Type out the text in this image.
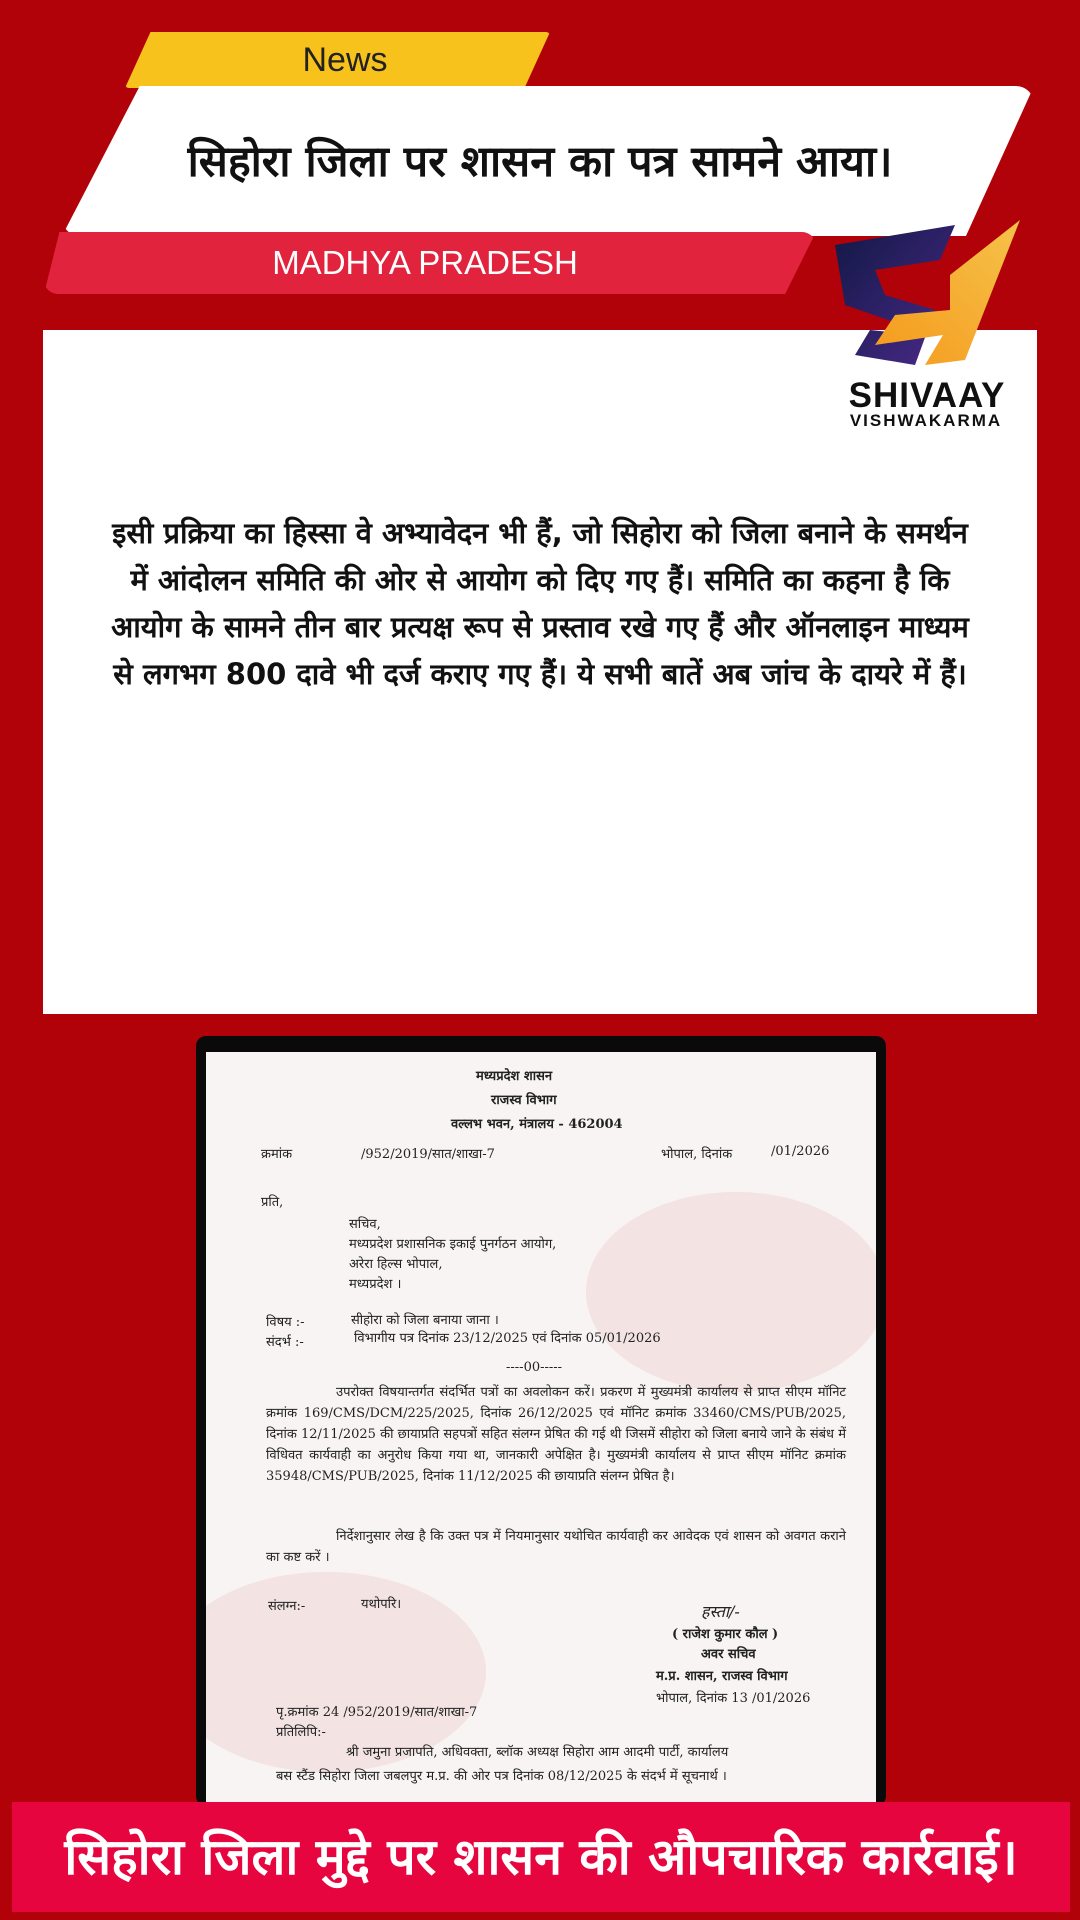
News
सिहोरा जिला पर शासन का पत्र सामने आया।
MADHYA PRADESH
इसी प्रक्रिया का हिस्सा वे अभ्यावेदन भी हैं, जो सिहोरा को जिला बनाने के समर्थन में आंदोलन समिति की ओर से आयोग को दिए गए हैं। समिति का कहना है कि आयोग के सामने तीन बार प्रत्यक्ष रूप से प्रस्ताव रखे गए हैं और ऑनलाइन माध्यम से लगभग 800 दावे भी दर्ज कराए गए हैं। ये सभी बातें अब जांच के दायरे में हैं।
SHIVAAY
VISHWAKARMA
मध्यप्रदेश शासन
राजस्व विभाग
वल्लभ भवन, मंत्रालय - 462004
क्रमांक	/952/2019/सात/शाखा-7	भोपाल, दिनांक	/01/2026
प्रति,
सचिव,
मध्यप्रदेश प्रशासनिक इकाई पुनर्गठन आयोग,
अरेरा हिल्स भोपाल,
मध्यप्रदेश ।
विषय :-	सीहोरा को जिला बनाया जाना ।
संदर्भ :-	विभागीय पत्र दिनांक 23/12/2025 एवं दिनांक 05/01/2026
----00-----
उपरोक्त विषयान्तर्गत संदर्भित पत्रों का अवलोकन करें। प्रकरण में मुख्यमंत्री कार्यालय से प्राप्त सीएम मॉनिट क्रमांक 169/CMS/DCM/225/2025, दिनांक 26/12/2025 एवं मॉनिट क्रमांक 33460/CMS/PUB/2025, दिनांक 12/11/2025 की छायाप्रति सहपत्रों सहित संलग्न प्रेषित की गई थी जिसमें सीहोरा को जिला बनाये जाने के संबंध में विधिवत कार्यवाही का अनुरोध किया गया था, जानकारी अपेक्षित है। मुख्यमंत्री कार्यालय से प्राप्त सीएम मॉनिट क्रमांक 35948/CMS/PUB/2025, दिनांक 11/12/2025 की छायाप्रति संलग्न प्रेषित है।
निर्देशानुसार लेख है कि उक्त पत्र में नियमानुसार यथोचित कार्यवाही कर आवेदक एवं शासन को अवगत कराने का कष्ट करें ।
संलग्न:-	यथोपरि।	हस्ता/-
( राजेश कुमार कौल )
अवर सचिव
म.प्र. शासन, राजस्व विभाग
भोपाल, दिनांक 13 /01/2026
पृ.क्रमांक 24 /952/2019/सात/शाखा-7
प्रतिलिपि:-
श्री जमुना प्रजापति, अधिवक्ता, ब्लॉक अध्यक्ष सिहोरा आम आदमी पार्टी, कार्यालय
बस स्टैंड सिहोरा जिला जबलपुर म.प्र. की ओर पत्र दिनांक 08/12/2025 के संदर्भ में सूचनार्थ ।
सिहोरा जिला मुद्दे पर शासन की औपचारिक कार्रवाई।
